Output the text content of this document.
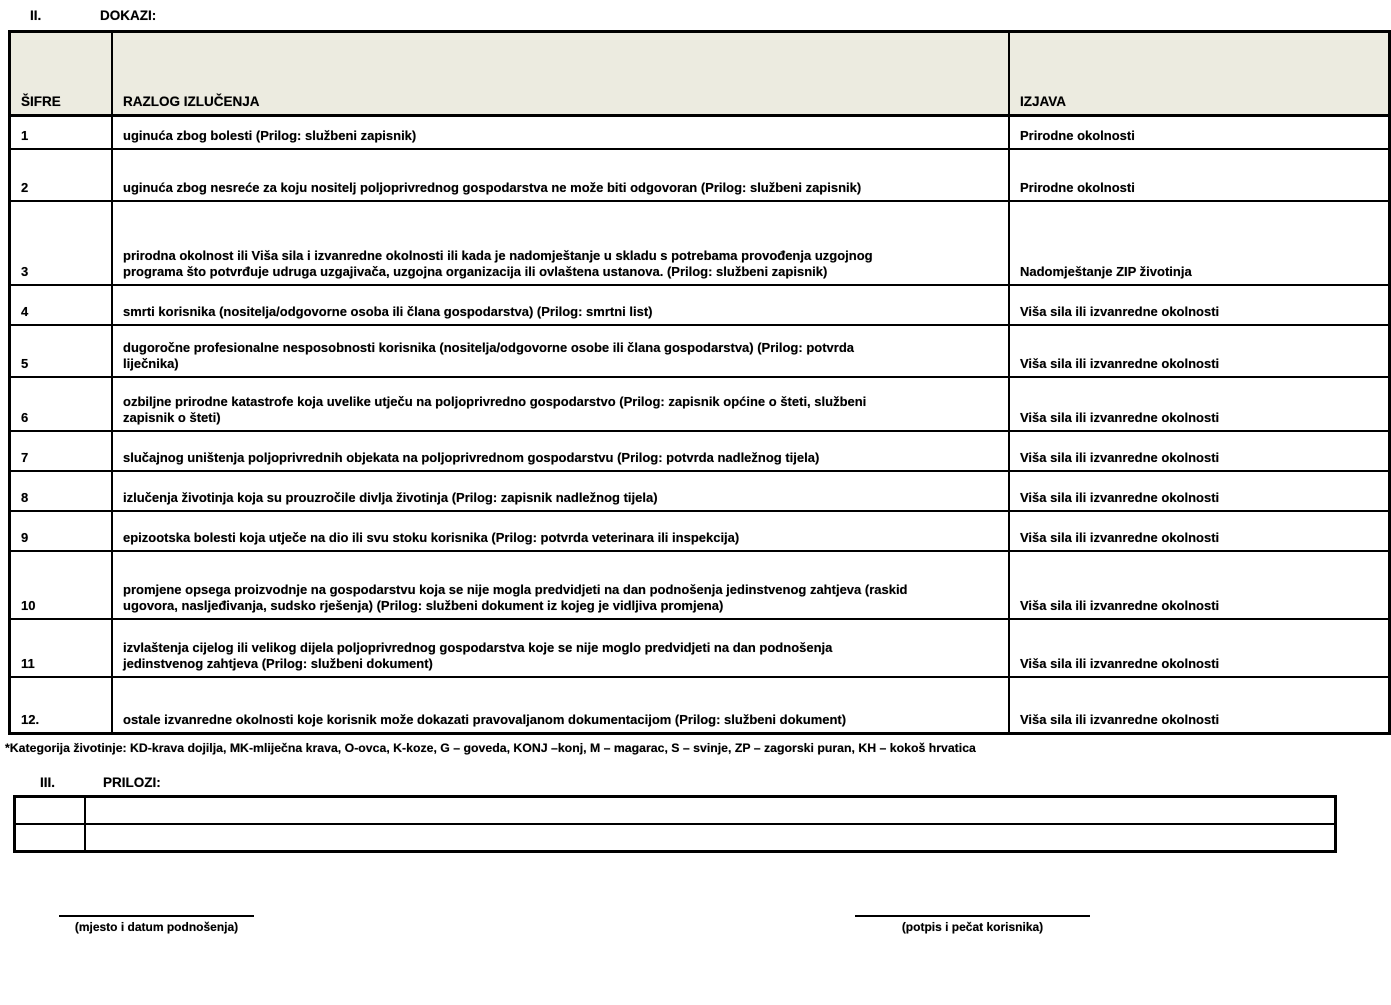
II.	DOKAZI:
ŠIFRE	RAZLOG IZLUČENJA	IZJAVA
1	uginuća zbog bolesti (Prilog: službeni zapisnik)	Prirodne okolnosti
2	uginuća zbog nesreće za koju nositelj poljoprivrednog gospodarstva ne može biti odgovoran (Prilog: službeni zapisnik)	Prirodne okolnosti
3	prirodna okolnost ili Viša sila i izvanredne okolnosti ili kada je nadomještanje u skladu s potrebama provođenja uzgojnog programa što potvrđuje udruga uzgajivača, uzgojna organizacija ili ovlaštena ustanova. (Prilog: službeni zapisnik)	Nadomještanje ZIP životinja
4	smrti korisnika (nositelja/odgovorne osoba ili člana gospodarstva) (Prilog: smrtni list)	Viša sila ili izvanredne okolnosti
5	dugoročne profesionalne nesposobnosti korisnika (nositelja/odgovorne osobe ili člana gospodarstva) (Prilog: potvrda liječnika)	Viša sila ili izvanredne okolnosti
6	ozbiljne prirodne katastrofe koja uvelike utječu na poljoprivredno gospodarstvo (Prilog: zapisnik općine o šteti, službeni zapisnik o šteti)	Viša sila ili izvanredne okolnosti
7	slučajnog uništenja poljoprivrednih objekata na poljoprivrednom gospodarstvu (Prilog: potvrda nadležnog tijela)	Viša sila ili izvanredne okolnosti
8	izlučenja životinja koja su prouzročile divlja životinja (Prilog: zapisnik nadležnog tijela)	Viša sila ili izvanredne okolnosti
9	epizootska bolesti koja utječe na dio ili svu stoku korisnika (Prilog: potvrda veterinara ili inspekcija)	Viša sila ili izvanredne okolnosti
10	promjene opsega proizvodnje na gospodarstvu koja se nije mogla predvidjeti na dan podnošenja jedinstvenog zahtjeva (raskid ugovora, nasljeđivanja, sudsko rješenja) (Prilog: službeni dokument iz kojeg je vidljiva promjena)	Viša sila ili izvanredne okolnosti
11	izvlaštenja cijelog ili velikog dijela poljoprivrednog gospodarstva koje se nije moglo predvidjeti na dan podnošenja jedinstvenog zahtjeva (Prilog: službeni dokument)	Viša sila ili izvanredne okolnosti
12.	ostale izvanredne okolnosti koje korisnik može dokazati pravovaljanom dokumentacijom (Prilog: službeni dokument)	Viša sila ili izvanredne okolnosti
*Kategorija životinje: KD-krava dojilja, MK-mliječna krava, O-ovca, K-koze, G – goveda, KONJ –konj, M – magarac, S – svinje, ZP – zagorski puran, KH – kokoš hrvatica
III.	PRILOZI:

(mjesto i datum podnošenja)	(potpis i pečat korisnika)
